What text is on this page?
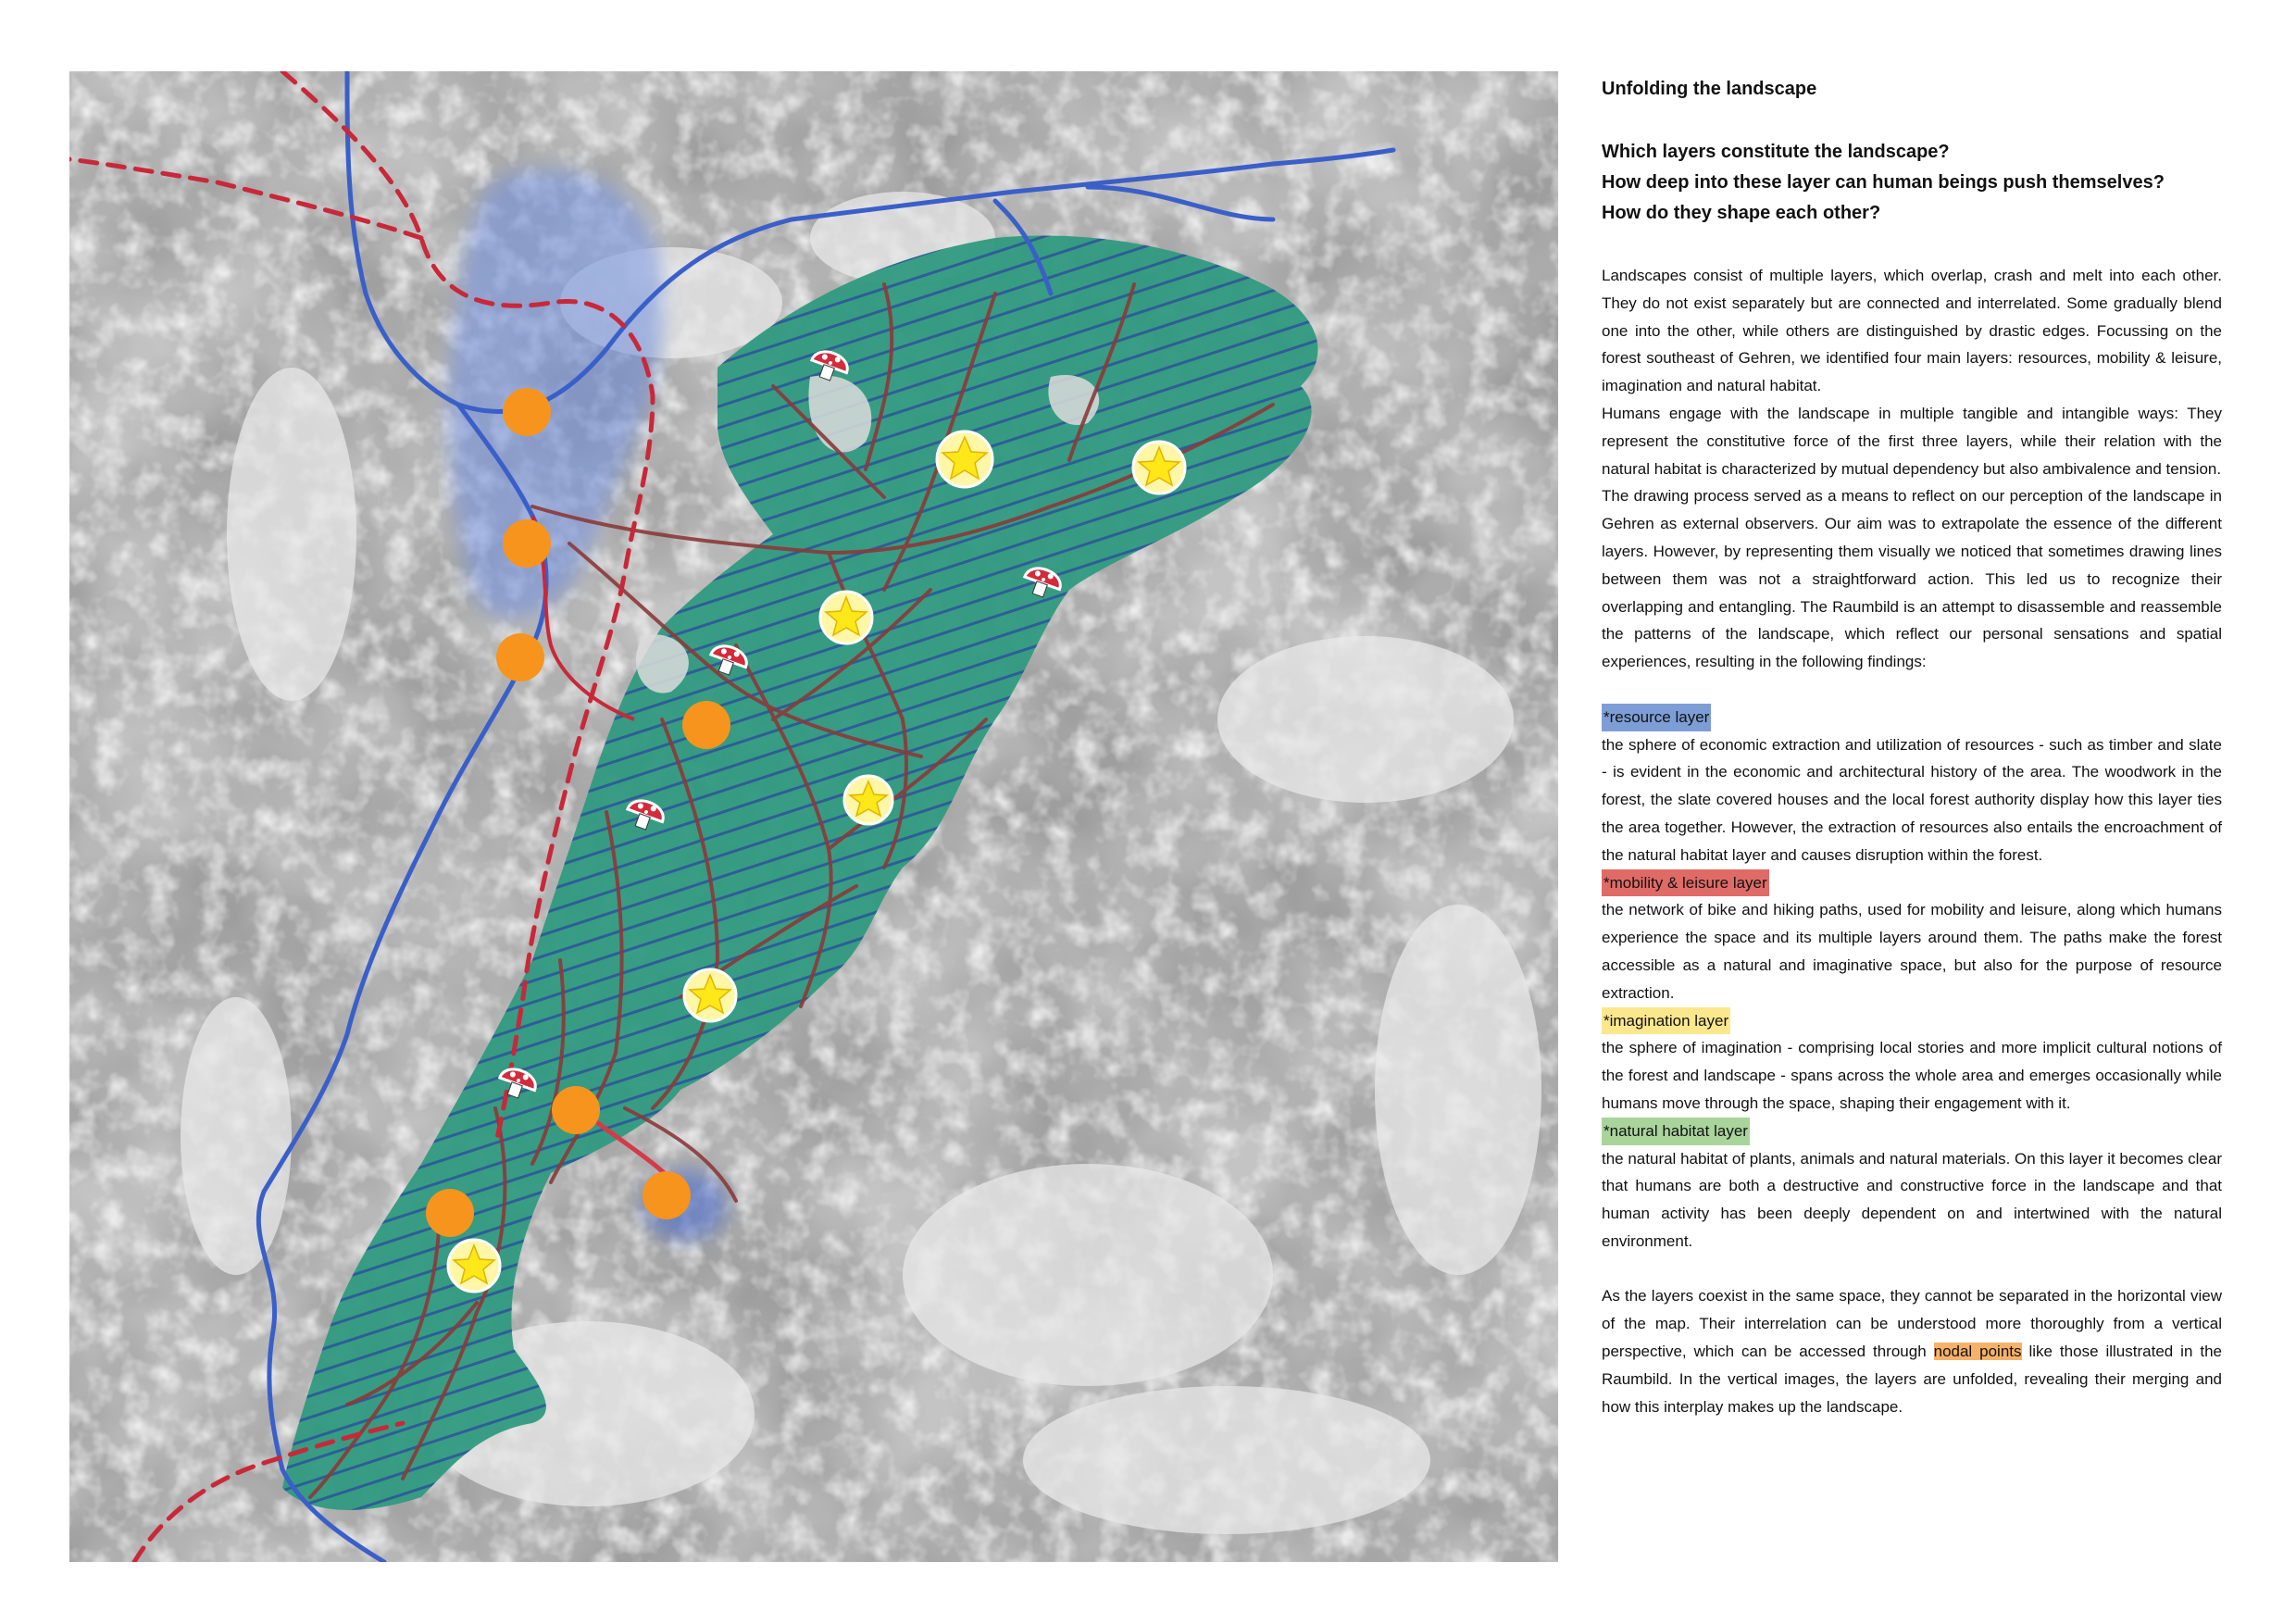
Unfolding the landscape

Which layers constitute the landscape?

How deep into these layer can human beings push themselves?

How do they shape each other?

Landscapes consist of multiple layers, which overlap, crash and melt into each other. They do not exist separately but are connected and interrelated. Some gradually blend one into the other, while others are distinguished by drastic edges. Focussing on the forest southeast of Gehren, we identified four main layers: resources, mobility & leisure, imagination and natural habitat.

Humans engage with the landscape in multiple tangible and intangible ways: They represent the constitutive force of the first three layers, while their relation with the natural habitat is characterized by mutual dependency but also ambivalence and tension.

The drawing process served as a means to reflect on our perception of the landscape in Gehren as external observers. Our aim was to extrapolate the essence of the different layers. However, by representing them visually we noticed that sometimes drawing lines between them was not a straightforward action. This led us to recognize their overlapping and entangling. The Raumbild is an attempt to disassemble and reassemble the patterns of the landscape, which reflect our personal sensations and spatial experiences, resulting in the following findings:

*resource layer

the sphere of economic extraction and utilization of resources - such as timber and slate - is evident in the economic and architectural history of the area. The woodwork in the forest, the slate covered houses and the local forest authority display how this layer ties the area together. However, the extraction of resources also entails the encroachment of the natural habitat layer and causes disruption within the forest.

*mobility & leisure layer

the network of bike and hiking paths, used for mobility and leisure, along which humans experience the space and its multiple layers around them. The paths make the forest accessible as a natural and imaginative space, but also for the purpose of resource extraction.

*imagination layer

the sphere of imagination - comprising local stories and more implicit cultural notions of the forest and landscape - spans across the whole area and emerges occasionally while humans move through the space, shaping their engagement with it.

*natural habitat layer

the natural habitat of plants, animals and natural materials. On this layer it becomes clear that humans are both a destructive and constructive force in the landscape and that human activity has been deeply dependent on and intertwined with the natural environment.

As the layers coexist in the same space, they cannot be separated in the horizontal view of the map. Their interrelation can be understood more thoroughly from a vertical perspective, which can be accessed through nodal points like those illustrated in the Raumbild. In the vertical images, the layers are unfolded, revealing their merging and how this interplay makes up the landscape.
